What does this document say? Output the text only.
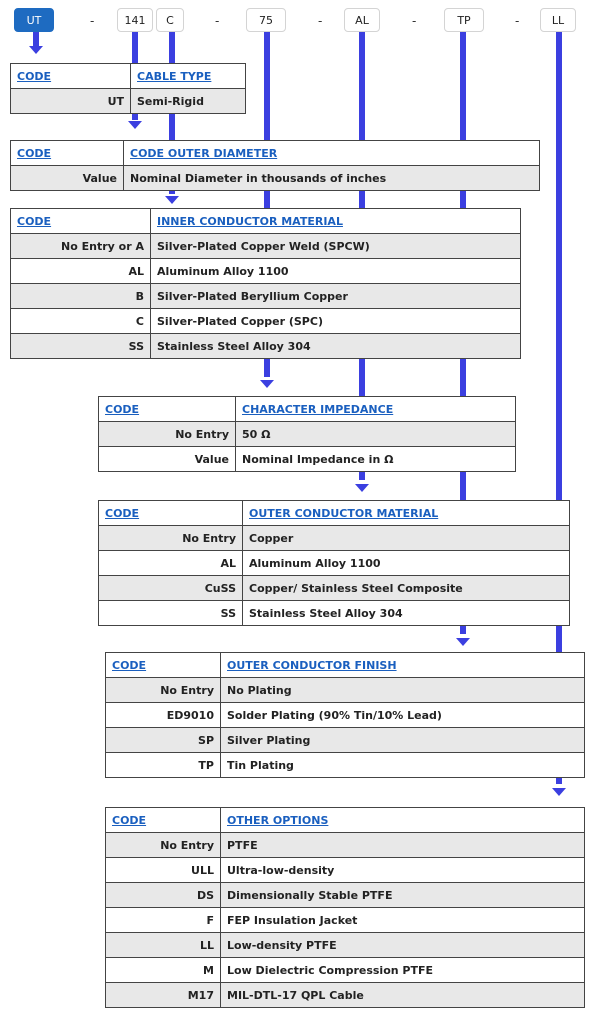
UT	-	141	C	-	75	-	AL	-	TP	-	LL
CODE	CABLE TYPE
UT	Semi-Rigid
CODE	CODE OUTER DIAMETER
Value	Nominal Diameter in thousands of inches
CODE	INNER CONDUCTOR MATERIAL
No Entry or A	Silver-Plated Copper Weld (SPCW)
AL	Aluminum Alloy 1100
B	Silver-Plated Beryllium Copper
C	Silver-Plated Copper (SPC)
SS	Stainless Steel Alloy 304
CODE	CHARACTER IMPEDANCE
No Entry	50 Ω
Value	Nominal Impedance in Ω
CODE	OUTER CONDUCTOR MATERIAL
No Entry	Copper
AL	Aluminum Alloy 1100
CuSS	Copper/ Stainless Steel Composite
SS	Stainless Steel Alloy 304
CODE	OUTER CONDUCTOR FINISH
No Entry	No Plating
ED9010	Solder Plating (90% Tin/10% Lead)
SP	Silver Plating
TP	Tin Plating
CODE	OTHER OPTIONS
No Entry	PTFE
ULL	Ultra-low-density
DS	Dimensionally Stable PTFE
F	FEP Insulation Jacket
LL	Low-density PTFE
M	Low Dielectric Compression PTFE
M17	MIL-DTL-17 QPL Cable
